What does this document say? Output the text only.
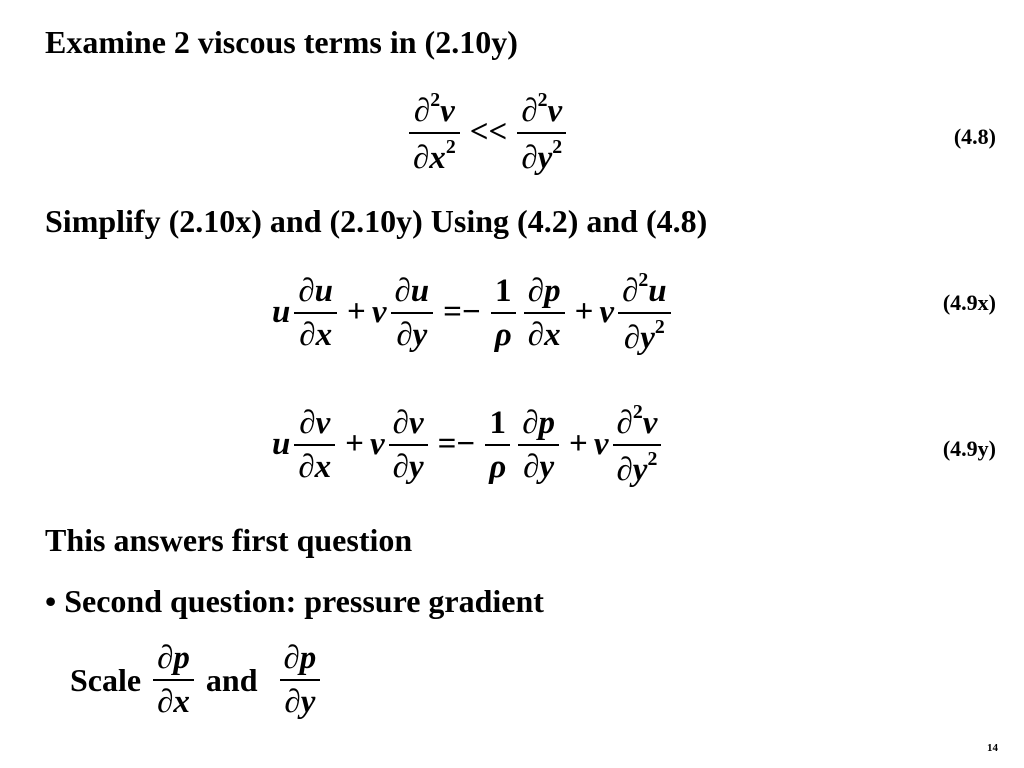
Examine 2 viscous terms in (2.10y)
$\frac{\partial^2v}{\partial x^2} << \frac{\partial^2v}{\partial y^2}$	(4.8)
Simplify (2.10x) and (2.10y) Using (4.2) and (4.8)
u $\frac{\partial u}{\partial x} + v \frac{\partial u}{\partial y} =- \frac{1}{\rho} \frac{\partial p}{\partial x} + \nu \frac{\partial^2u}{\partial y^2}$	(4.9x)
u $\frac{\partial v}{\partial x} + v \frac{\partial v}{\partial y} =- \frac{1}{\rho} \frac{\partial p}{\partial y} + \nu \frac{\partial^2v}{\partial y^2}$	(4.9y)
This answers first question
• Second question: pressure gradient
Scale $\frac{\partial p}{\partial x}$ and $\frac{\partial p}{\partial y}$
14
